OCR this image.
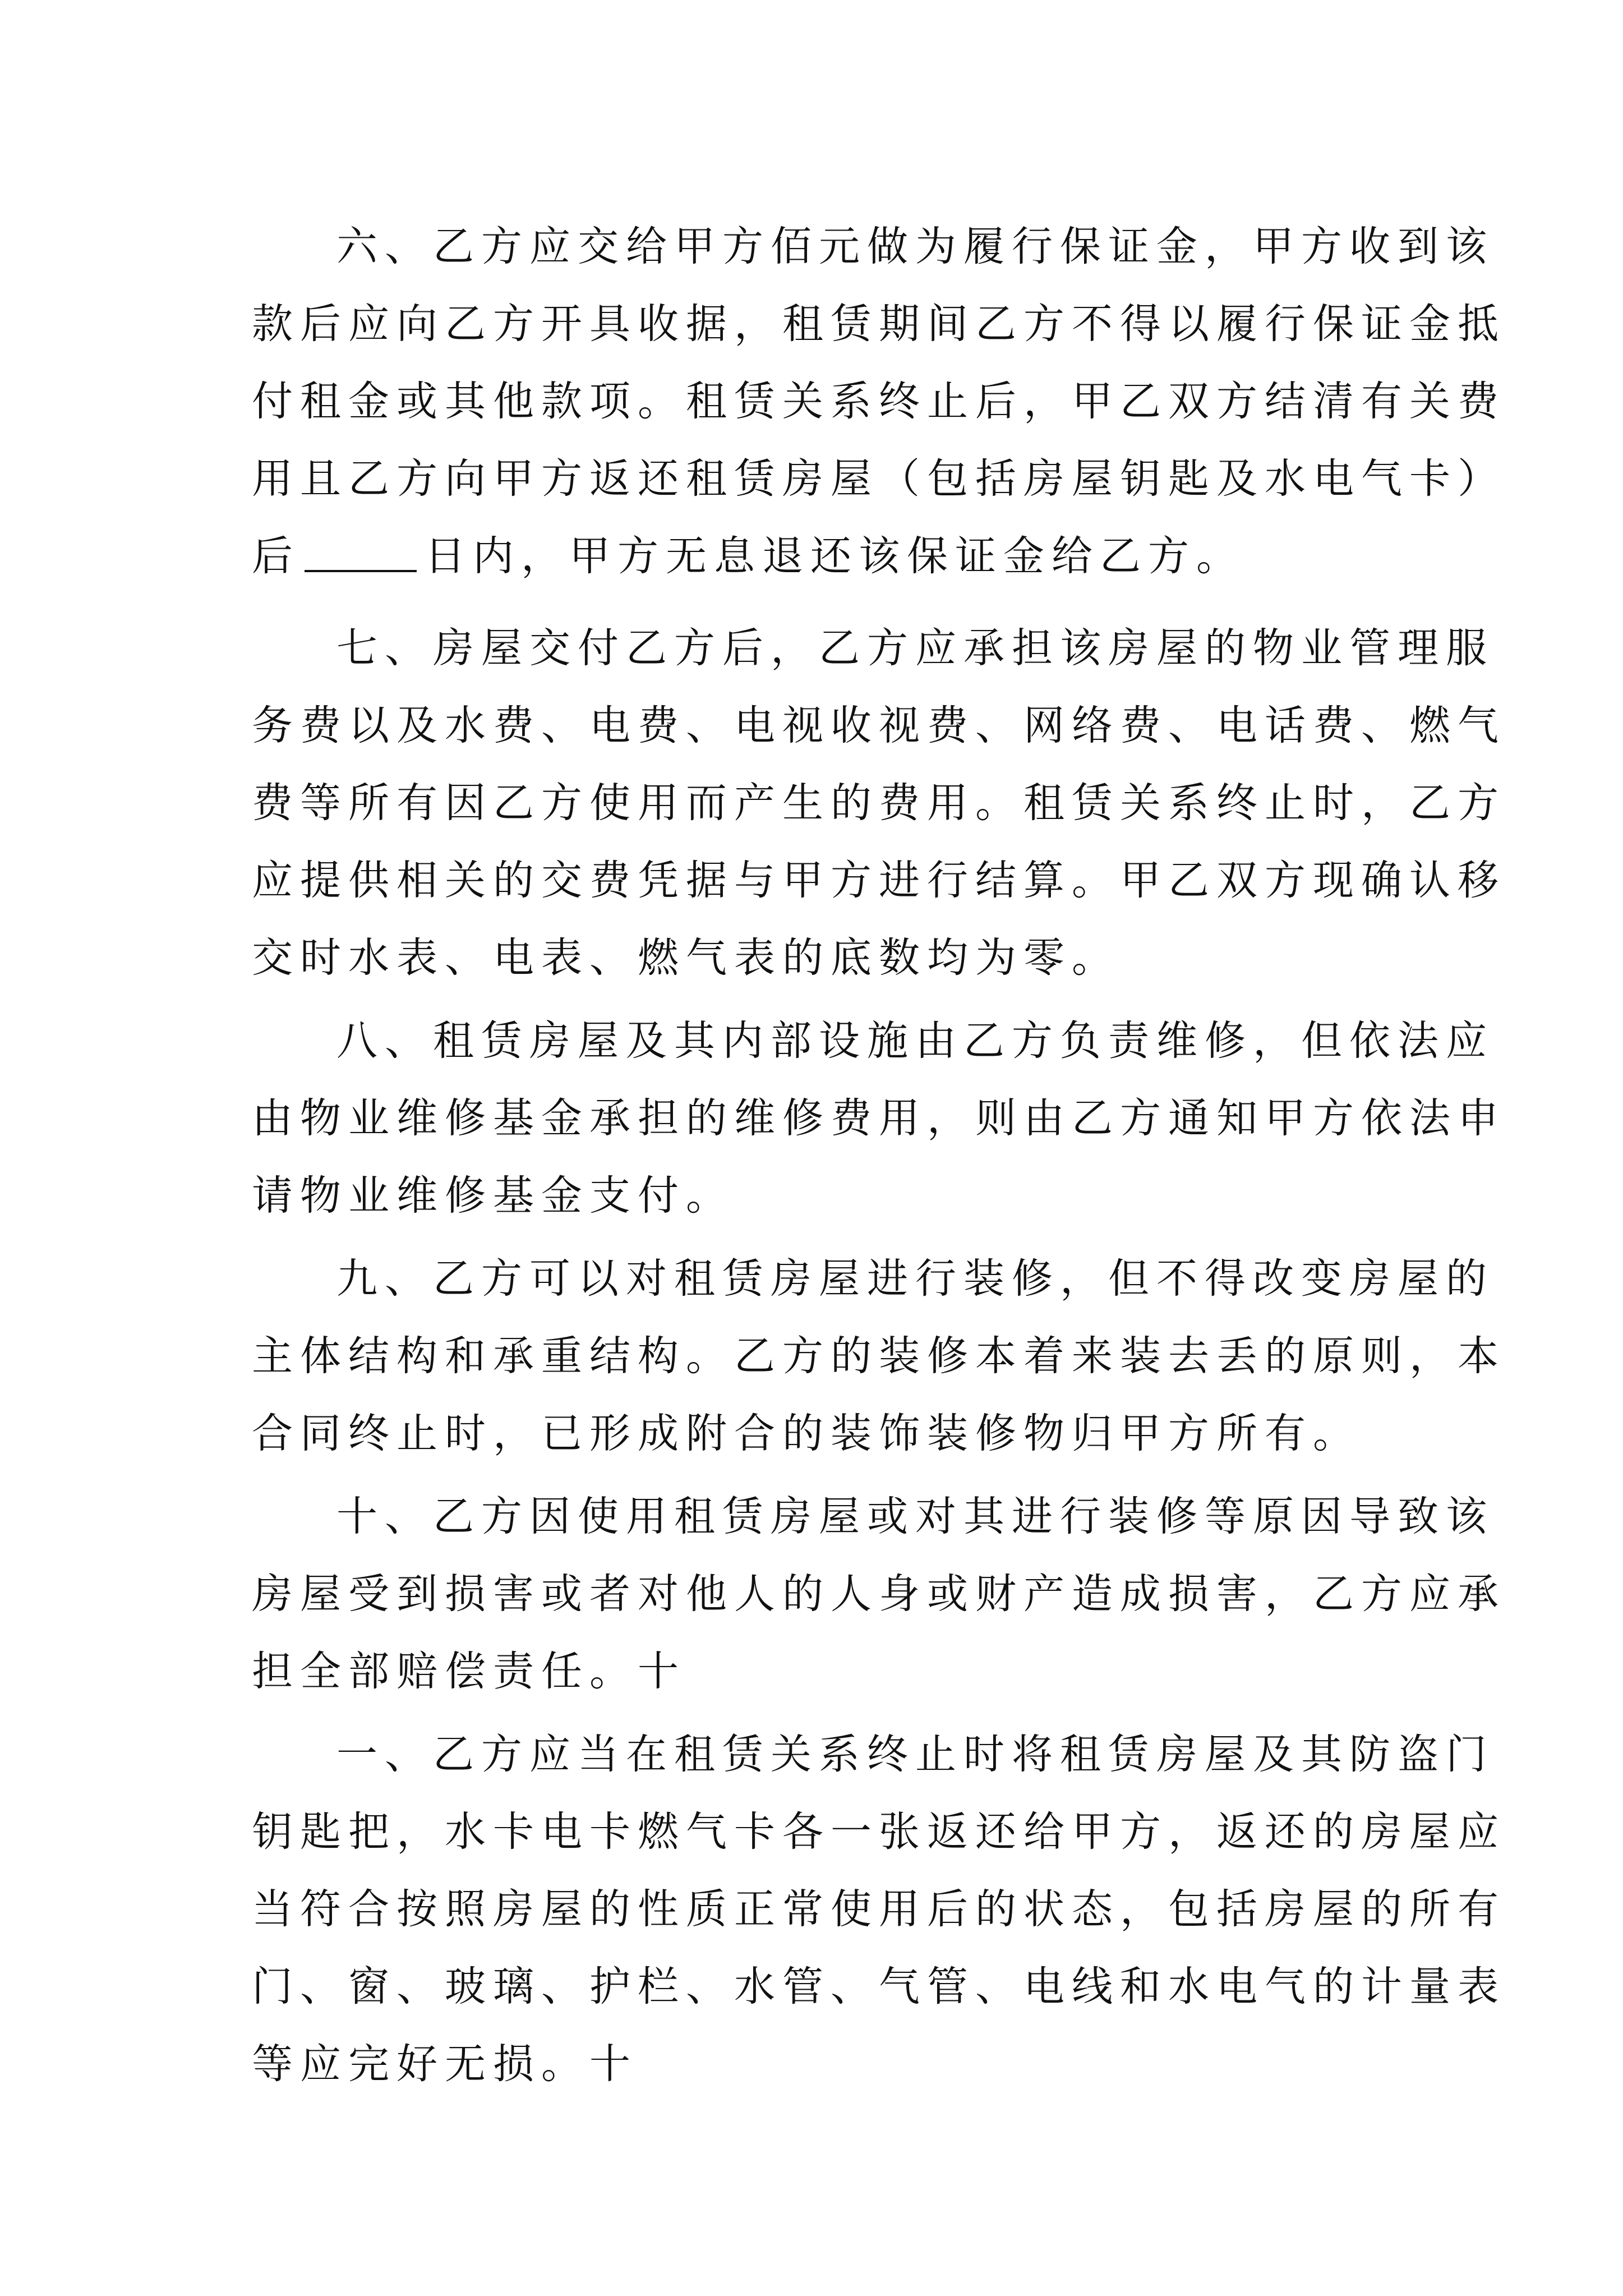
六、乙方应交给甲方佰元做为履行保证金，甲方收到该
款后应向乙方开具收据，租赁期间乙方不得以履行保证金抵
付租金或其他款项。租赁关系终止后，甲乙双方结清有关费
用且乙方向甲方返还租赁房屋（包括房屋钥匙及水电气卡）
后	日内，甲方无息退还该保证金给乙方。
七、房屋交付乙方后，乙方应承担该房屋的物业管理服
务费以及水费、电费、电视收视费、网络费、电话费、燃气
费等所有因乙方使用而产生的费用。租赁关系终止时，乙方
应提供相关的交费凭据与甲方进行结算。甲乙双方现确认移
交时水表、电表、燃气表的底数均为零。
八、租赁房屋及其内部设施由乙方负责维修，但依法应
由物业维修基金承担的维修费用，则由乙方通知甲方依法申
请物业维修基金支付。
九、乙方可以对租赁房屋进行装修，但不得改变房屋的
主体结构和承重结构。乙方的装修本着来装去丢的原则，本
合同终止时，已形成附合的装饰装修物归甲方所有。
十、乙方因使用租赁房屋或对其进行装修等原因导致该
房屋受到损害或者对他人的人身或财产造成损害，乙方应承
担全部赔偿责任。十
一、乙方应当在租赁关系终止时将租赁房屋及其防盗门
钥匙把，水卡电卡燃气卡各一张返还给甲方，返还的房屋应
当符合按照房屋的性质正常使用后的状态，包括房屋的所有
门、窗、玻璃、护栏、水管、气管、电线和水电气的计量表
等应完好无损。十
